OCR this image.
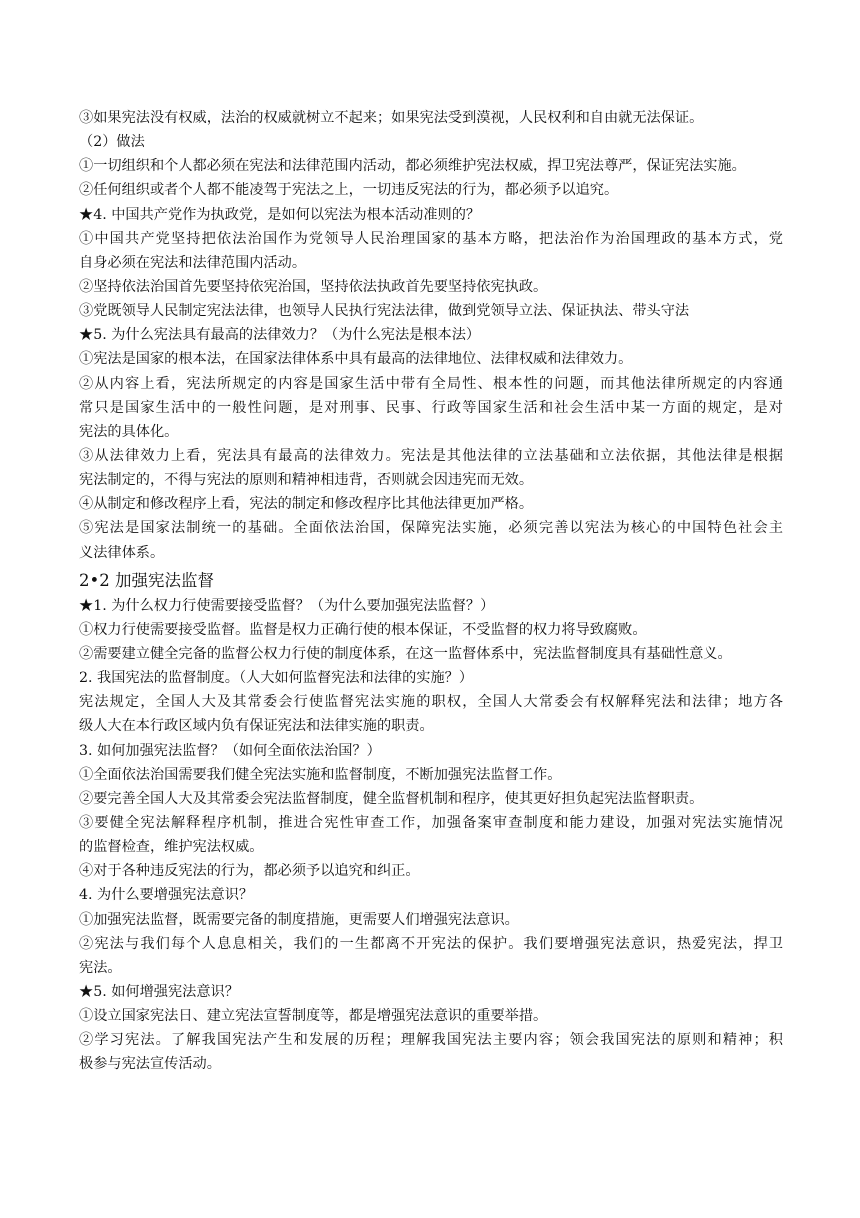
③如果宪法没有权威，法治的权威就树立不起来；如果宪法受到漠视，人民权利和自由就无法保证。
（2）做法
①一切组织和个人都必须在宪法和法律范围内活动，都必须维护宪法权威，捍卫宪法尊严，保证宪法实施。
②任何组织或者个人都不能凌驾于宪法之上，一切违反宪法的行为，都必须予以追究。
★4. 中国共产党作为执政党，是如何以宪法为根本活动准则的？
①中国共产党坚持把依法治国作为党领导人民治理国家的基本方略，把法治作为治国理政的基本方式，党
自身必须在宪法和法律范围内活动。
②坚持依法治国首先要坚持依宪治国，坚持依法执政首先要坚持依宪执政。
③党既领导人民制定宪法法律，也领导人民执行宪法法律，做到党领导立法、保证执法、带头守法
★5. 为什么宪法具有最高的法律效力？（为什么宪法是根本法）
①宪法是国家的根本法，在国家法律体系中具有最高的法律地位、法律权威和法律效力。
②从内容上看，宪法所规定的内容是国家生活中带有全局性、根本性的问题，而其他法律所规定的内容通
常只是国家生活中的一般性问题，是对刑事、民事、行政等国家生活和社会生活中某一方面的规定，是对
宪法的具体化。
③从法律效力上看，宪法具有最高的法律效力。宪法是其他法律的立法基础和立法依据，其他法律是根据
宪法制定的，不得与宪法的原则和精神相违背，否则就会因违宪而无效。
④从制定和修改程序上看，宪法的制定和修改程序比其他法律更加严格。
⑤宪法是国家法制统一的基础。全面依法治国，保障宪法实施，必须完善以宪法为核心的中国特色社会主
义法律体系。
2•2 加强宪法监督
★1. 为什么权力行使需要接受监督？（为什么要加强宪法监督？）
①权力行使需要接受监督。监督是权力正确行使的根本保证，不受监督的权力将导致腐败。
②需要建立健全完备的监督公权力行使的制度体系，在这一监督体系中，宪法监督制度具有基础性意义。
2. 我国宪法的监督制度。（人大如何监督宪法和法律的实施？）
宪法规定，全国人大及其常委会行使监督宪法实施的职权，全国人大常委会有权解释宪法和法律；地方各
级人大在本行政区域内负有保证宪法和法律实施的职责。
3. 如何加强宪法监督？（如何全面依法治国？）
①全面依法治国需要我们健全宪法实施和监督制度，不断加强宪法监督工作。
②要完善全国人大及其常委会宪法监督制度，健全监督机制和程序，使其更好担负起宪法监督职责。
③要健全宪法解释程序机制，推进合宪性审查工作，加强备案审查制度和能力建设，加强对宪法实施情况
的监督检查，维护宪法权威。
④对于各种违反宪法的行为，都必须予以追究和纠正。
4. 为什么要增强宪法意识？
①加强宪法监督，既需要完备的制度措施，更需要人们增强宪法意识。
②宪法与我们每个人息息相关，我们的一生都离不开宪法的保护。我们要增强宪法意识，热爱宪法，捍卫
宪法。
★5. 如何增强宪法意识？
①设立国家宪法日、建立宪法宣誓制度等，都是增强宪法意识的重要举措。
②学习宪法。了解我国宪法产生和发展的历程；理解我国宪法主要内容；领会我国宪法的原则和精神；积
极参与宪法宣传活动。
